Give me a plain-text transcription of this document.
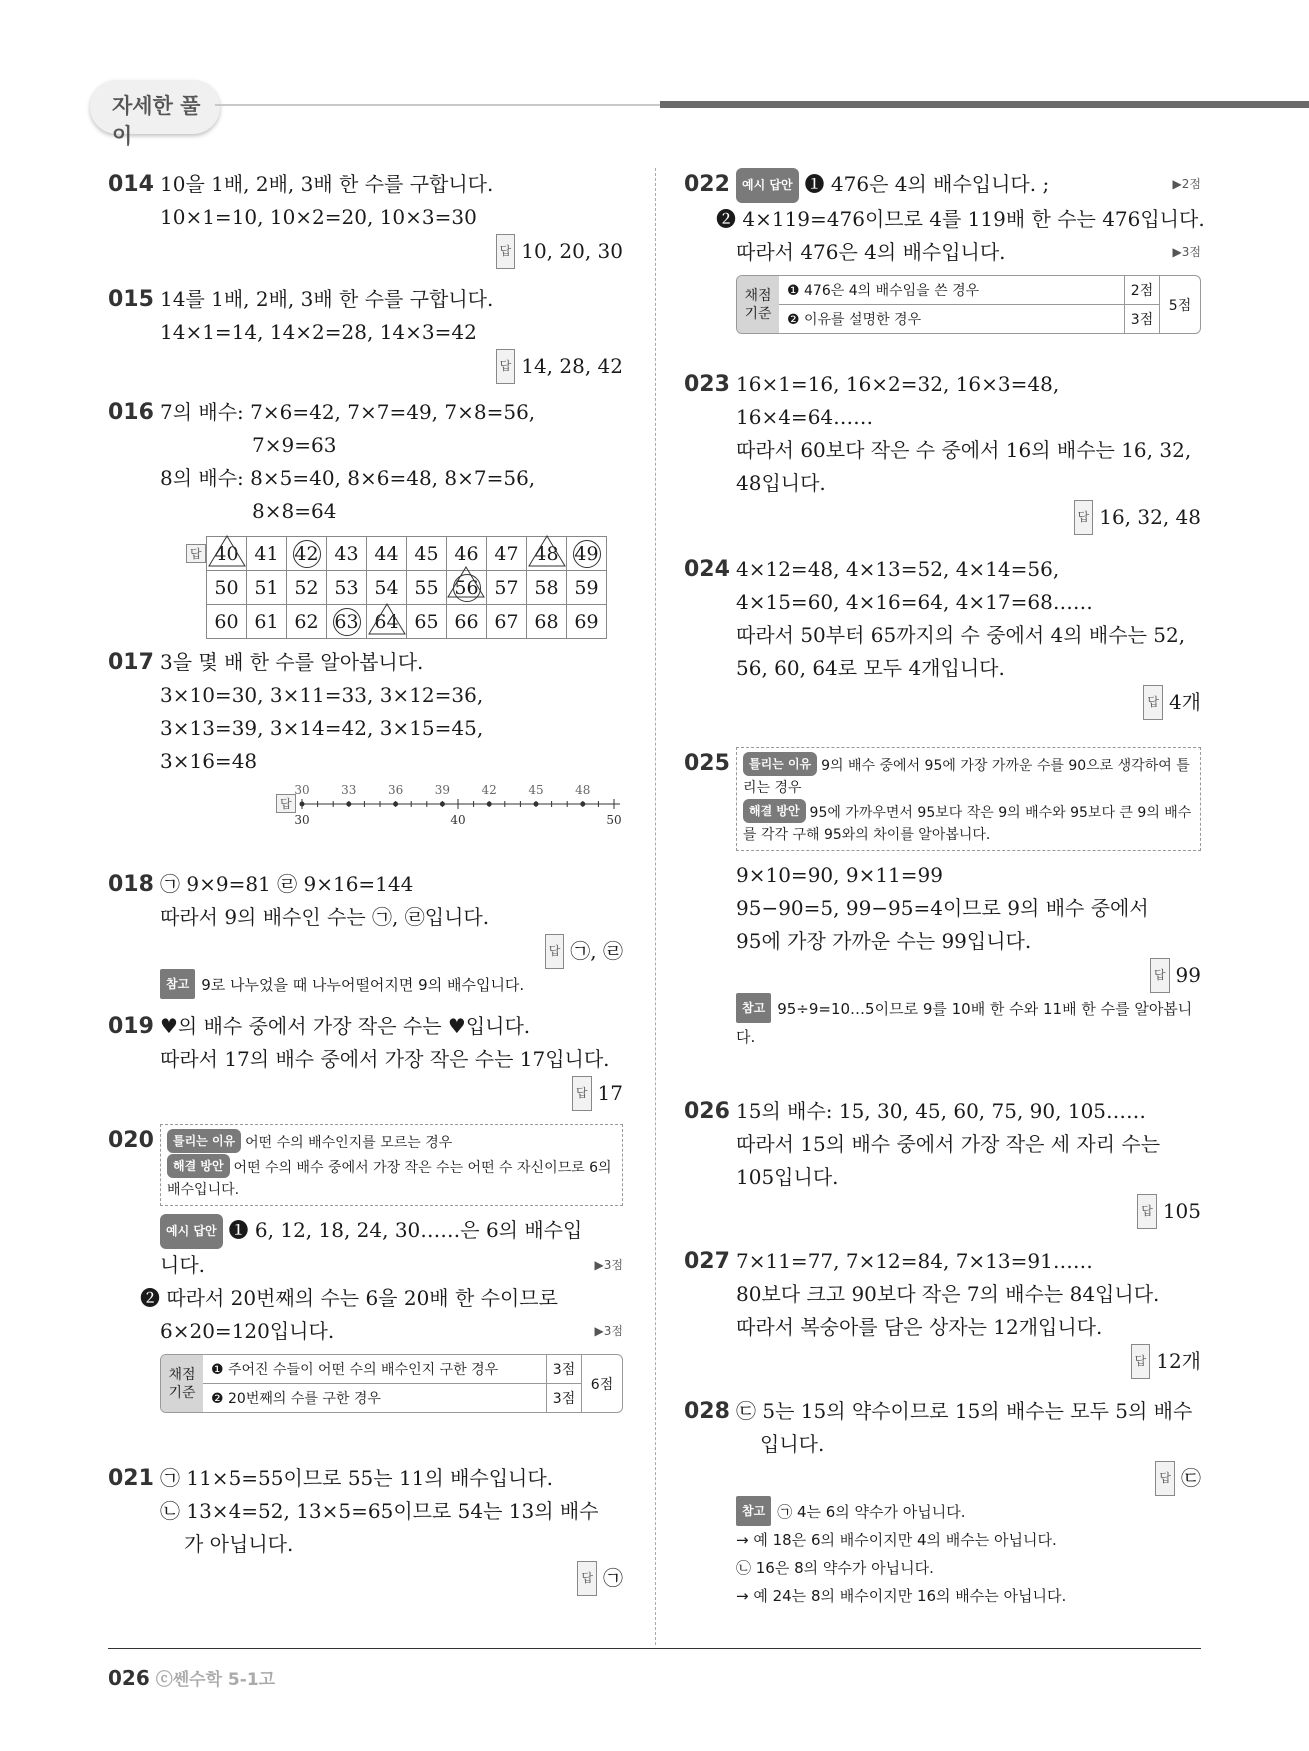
자세한 풀이
014 10을 1배, 2배, 3배 한 수를 구합니다.
10×1=10, 10×2=20, 10×3=30
답 10, 20, 30
015 14를 1배, 2배, 3배 한 수를 구합니다.
14×1=14, 14×2=28, 14×3=42
답 14, 28, 42
016 7의 배수: 7×6=42, 7×7=49, 7×8=56,
7×9=63
8의 배수: 8×5=40, 8×6=48, 8×7=56,
8×8=64
답 40	41	42	43	44	45	46	47	48	49
50	51	52	53	54	55	56	57	58	59
60	61	62	63	64	65	66	67	68	69
017 3을 몇 배 한 수를 알아봅니다.
3×10=30, 3×11=33, 3×12=36,
3×13=39, 3×14=42, 3×15=45,
3×16=48
답
30	33	36	39	42	45	48
30	40	50
018 ㉠ 9×9=81 ㉣ 9×16=144
따라서 9의 배수인 수는 ㉠, ㉣입니다.
답 ㉠, ㉣
참고 9로 나누었을 때 나누어떨어지면 9의 배수입니다.
019 ♥의 배수 중에서 가장 작은 수는 ♥입니다.
따라서 17의 배수 중에서 가장 작은 수는 17입니다.
답 17
020	틀리는 이유 어떤 수의 배수인지를 모르는 경우
해결 방안 어떤 수의 배수 중에서 가장 작은 수는 어떤 수 자신이므로 6의 배수입니다.
예시 답안 ❶ 6, 12, 18, 24, 30……은 6의 배수입
니다.	▶3점
❷ 따라서 20번째의 수는 6을 20배 한 수이므로
6×20=120입니다.	▶3점
채점
기준
❶ 주어진 수들이 어떤 수의 배수인지 구한 경우	3점
❷ 20번째의 수를 구한 경우	3점
6점
021 ㉠ 11×5=55이므로 55는 11의 배수입니다.
㉡ 13×4=52, 13×5=65이므로 54는 13의 배수
가 아닙니다.
답 ㉠
022	예시 답안 ❶ 476은 4의 배수입니다. ;	▶2점
❷ 4×119=476이므로 4를 119배 한 수는 476입니다.
따라서 476은 4의 배수입니다.	▶3점
채점
기준
❶ 476은 4의 배수임을 쓴 경우	2점
❷ 이유를 설명한 경우	3점
5점
023 16×1=16, 16×2=32, 16×3=48,
16×4=64……
따라서 60보다 작은 수 중에서 16의 배수는 16, 32,
48입니다.
답 16, 32, 48
024 4×12=48, 4×13=52, 4×14=56,
4×15=60, 4×16=64, 4×17=68……
따라서 50부터 65까지의 수 중에서 4의 배수는 52,
56, 60, 64로 모두 4개입니다.
답 4개
025	틀리는 이유 9의 배수 중에서 95에 가장 가까운 수를 90으로 생각하여 틀리는 경우
해결 방안 95에 가까우면서 95보다 작은 9의 배수와 95보다 큰 9의 배수를 각각 구해 95와의 차이를 알아봅니다.
9×10=90, 9×11=99
95−90=5, 99−95=4이므로 9의 배수 중에서
95에 가장 가까운 수는 99입니다.
답 99
참고 95÷9=10…5이므로 9를 10배 한 수와 11배 한 수를 알아봅니다.
026 15의 배수: 15, 30, 45, 60, 75, 90, 105……
따라서 15의 배수 중에서 가장 작은 세 자리 수는
105입니다.
답 105
027 7×11=77, 7×12=84, 7×13=91……
80보다 크고 90보다 작은 7의 배수는 84입니다.
따라서 복숭아를 담은 상자는 12개입니다.
답 12개
028 ㉢ 5는 15의 약수이므로 15의 배수는 모두 5의 배수
입니다.
답 ㉢
참고 ㉠ 4는 6의 약수가 아닙니다.
→ 예 18은 6의 배수이지만 4의 배수는 아닙니다.
㉡ 16은 8의 약수가 아닙니다.
→ 예 24는 8의 배수이지만 16의 배수는 아닙니다.
026 ⓒ쎈수학 5-1고
